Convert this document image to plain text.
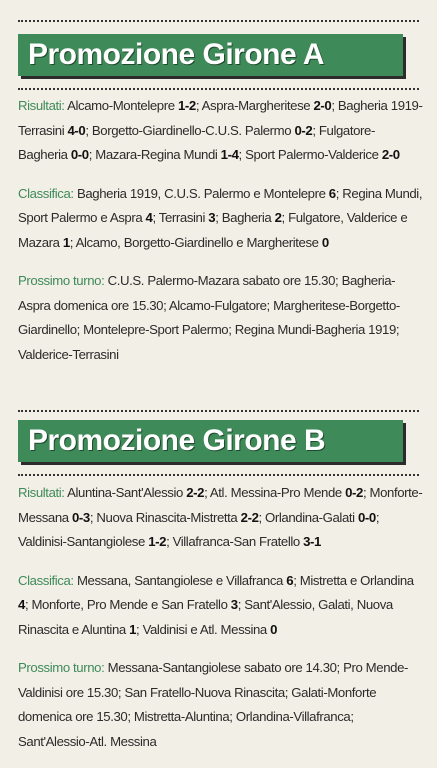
Promozione Girone A

Risultati: Alcamo-Montelepre 1-2; Aspra-Margheritese 2-0; Bagheria 1919-Terrasini 4-0; Borgetto-Giardinello-C.U.S. Palermo 0-2; Fulgatore-Bagheria 0-0; Mazara-Regina Mundi 1-4; Sport Palermo-Valderice 2-0

Classifica: Bagheria 1919, C.U.S. Palermo e Montelepre 6; Regina Mundi, Sport Palermo e Aspra 4; Terrasini 3; Bagheria 2; Fulgatore, Valderice e Mazara 1; Alcamo, Borgetto-Giardinello e Margheritese 0

Prossimo turno: C.U.S. Palermo-Mazara sabato ore 15.30; Bagheria-Aspra domenica ore 15.30; Alcamo-Fulgatore; Margheritese-Borgetto-Giardinello; Montelepre-Sport Palermo; Regina Mundi-Bagheria 1919; Valderice-Terrasini

Promozione Girone B

Risultati: Aluntina-Sant'Alessio 2-2; Atl. Messina-Pro Mende 0-2; Monforte-Messana 0-3; Nuova Rinascita-Mistretta 2-2; Orlandina-Galati 0-0; Valdinisi-Santangiolese 1-2; Villafranca-San Fratello 3-1

Classifica: Messana, Santangiolese e Villafranca 6; Mistretta e Orlandina 4; Monforte, Pro Mende e San Fratello 3; Sant'Alessio, Galati, Nuova Rinascita e Aluntina 1; Valdinisi e Atl. Messina 0

Prossimo turno: Messana-Santangiolese sabato ore 14.30; Pro Mende-Valdinisi ore 15.30; San Fratello-Nuova Rinascita; Galati-Monforte domenica ore 15.30; Mistretta-Aluntina; Orlandina-Villafranca; Sant'Alessio-Atl. Messina
